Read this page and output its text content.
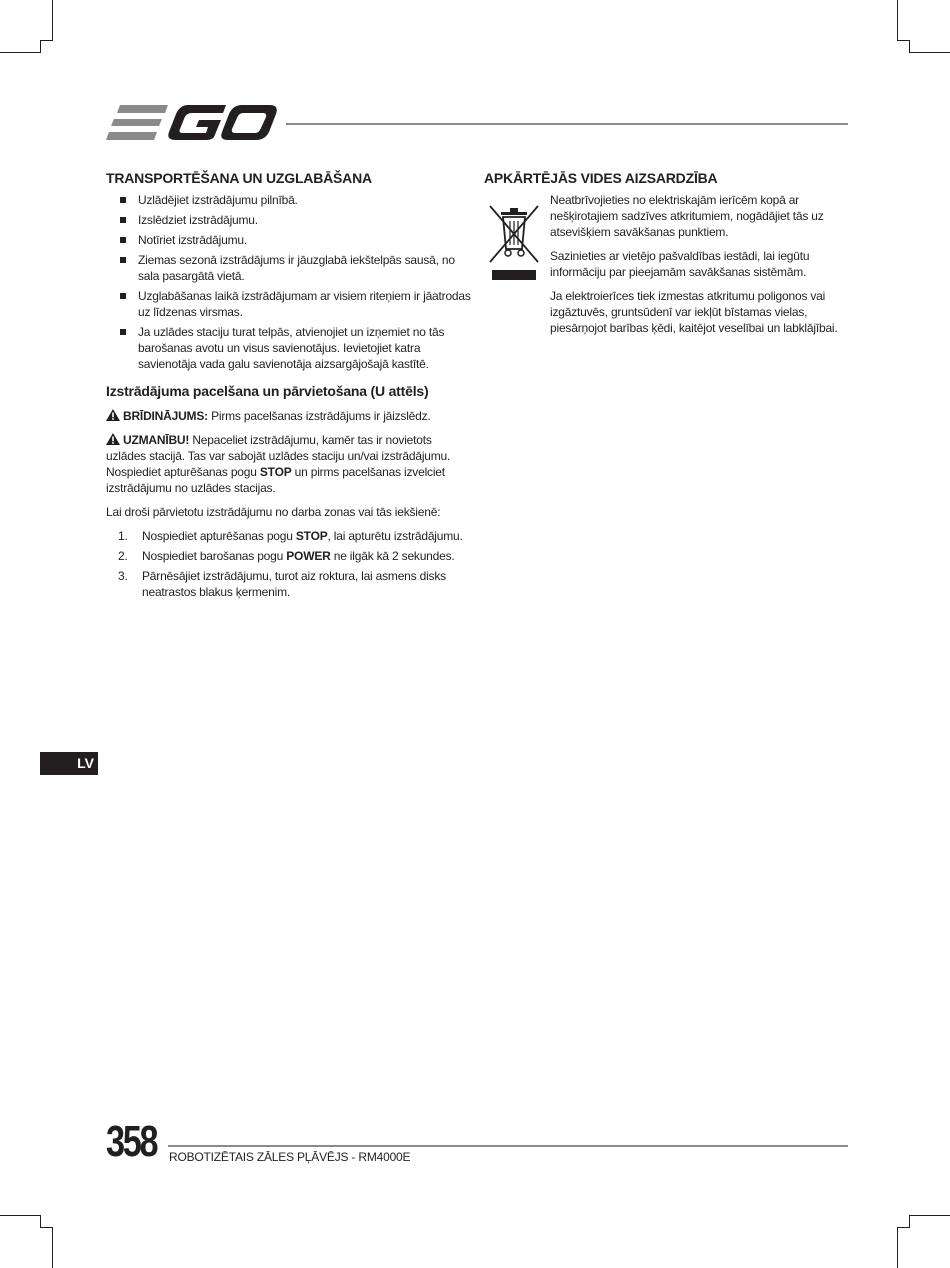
TRANSPORTĒŠANA UN UZGLABĀŠANA
Uzlādējiet izstrādājumu pilnībā.
Izslēdziet izstrādājumu.
Notīriet izstrādājumu.
Ziemas sezonā izstrādājums ir jāuzglabā iekštelpās sausā, no sala pasargātā vietā.
Uzglabāšanas laikā izstrādājumam ar visiem riteņiem ir jāatrodas uz līdzenas virsmas.
Ja uzlādes staciju turat telpās, atvienojiet un izņemiet no tās barošanas avotu un visus savienotājus. Ievietojiet katra savienotāja vada galu savienotāja aizsargājošajā kastītē.
Izstrādājuma pacelšana un pārvietošana (U attēls)

BRĪDINĀJUMS: Pirms pacelšanas izstrādājums ir jāizslēdz.

UZMANĪBU! Nepaceliet izstrādājumu, kamēr tas ir novietots uzlādes stacijā. Tas var sabojāt uzlādes staciju un/vai izstrādājumu. Nospiediet apturēšanas pogu STOP un pirms pacelšanas izvelciet izstrādājumu no uzlādes stacijas.

Lai droši pārvietotu izstrādājumu no darba zonas vai tās iekšienē:

1. Nospiediet apturēšanas pogu STOP, lai apturētu izstrādājumu.
2. Nospiediet barošanas pogu POWER ne ilgāk kā 2 sekundes.
3. Pārnēsājiet izstrādājumu, turot aiz roktura, lai asmens disks neatrastos blakus ķermenim.
APKĀRTĒJĀS VIDES AIZSARDZĪBA

Neatbrīvojieties no elektriskajām ierīcēm kopā ar nešķirotajiem sadzīves atkritumiem, nogādājiet tās uz atsevišķiem savākšanas punktiem.

Sazinieties ar vietējo pašvaldības iestādi, lai iegūtu informāciju par pieejamām savākšanas sistēmām.

Ja elektroierīces tiek izmestas atkritumu poligonos vai izgāztuvēs, gruntsūdenī var iekļūt bīstamas vielas, piesārņojot barības ķēdi, kaitējot veselībai un labklājībai.

LV
358 ROBOTIZĒTAIS ZĀLES PĻĀVĒJS - RM4000E
